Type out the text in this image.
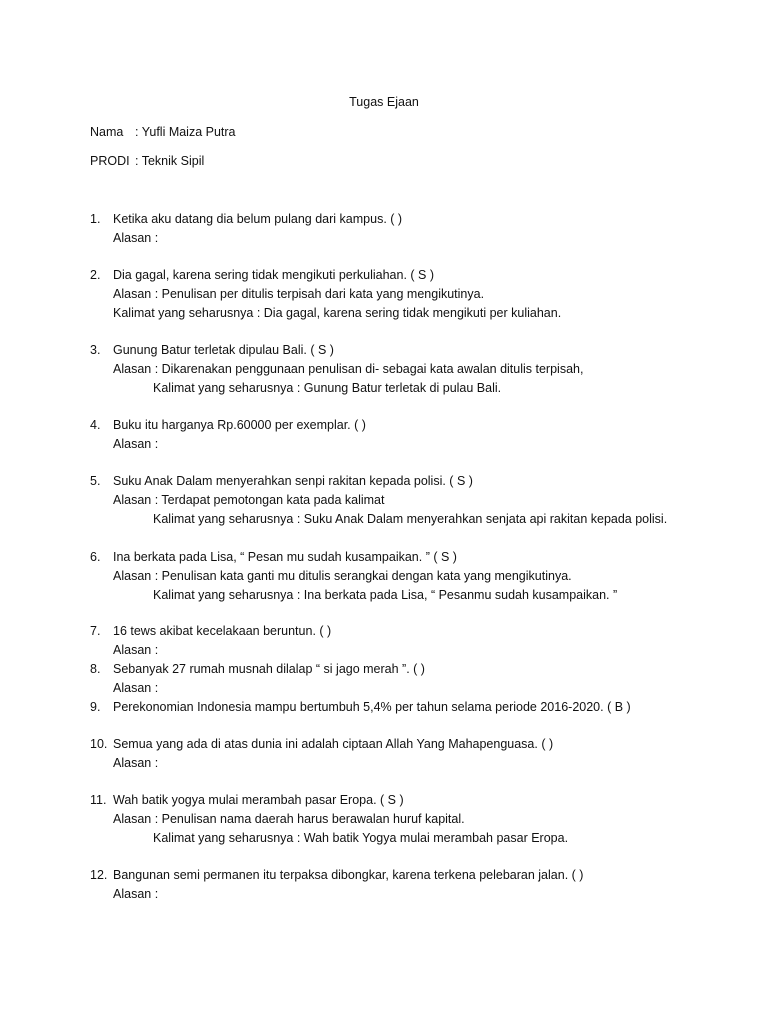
Tugas Ejaan
Nama : Yufli Maiza Putra
PRODI : Teknik Sipil
1. Ketika aku datang dia belum pulang dari kampus. ( )
Alasan :
2. Dia gagal, karena sering tidak mengikuti perkuliahan. ( S )
Alasan : Penulisan per ditulis terpisah dari kata yang mengikutinya.
Kalimat yang seharusnya : Dia gagal, karena sering tidak mengikuti per kuliahan.
3. Gunung Batur terletak dipulau Bali. ( S )
Alasan : Dikarenakan penggunaan penulisan di- sebagai kata awalan ditulis terpisah,
Kalimat yang seharusnya : Gunung Batur terletak di pulau Bali.
4. Buku itu harganya Rp.60000 per exemplar. ( )
Alasan :
5. Suku Anak Dalam menyerahkan senpi rakitan kepada polisi. ( S )
Alasan : Terdapat pemotongan kata pada kalimat
Kalimat yang seharusnya : Suku Anak Dalam menyerahkan senjata api rakitan kepada polisi.
6. Ina berkata pada Lisa, “ Pesan mu sudah kusampaikan. ” ( S )
Alasan : Penulisan kata ganti mu ditulis serangkai dengan kata yang mengikutinya.
Kalimat yang seharusnya : Ina berkata pada Lisa, “ Pesanmu sudah kusampaikan. ”
7. 16 tews akibat kecelakaan beruntun. ( )
Alasan :
8. Sebanyak 27 rumah musnah dilalap “ si jago merah ”. ( )
Alasan :
9. Perekonomian Indonesia mampu bertumbuh 5,4% per tahun selama periode 2016-2020. ( B )
10. Semua yang ada di atas dunia ini adalah ciptaan Allah Yang Mahapenguasa. ( )
Alasan :
11. Wah batik yogya mulai merambah pasar Eropa. ( S )
Alasan : Penulisan nama daerah harus berawalan huruf kapital.
Kalimat yang seharusnya : Wah batik Yogya mulai merambah pasar Eropa.
12. Bangunan semi permanen itu terpaksa dibongkar, karena terkena pelebaran jalan. ( )
Alasan :
